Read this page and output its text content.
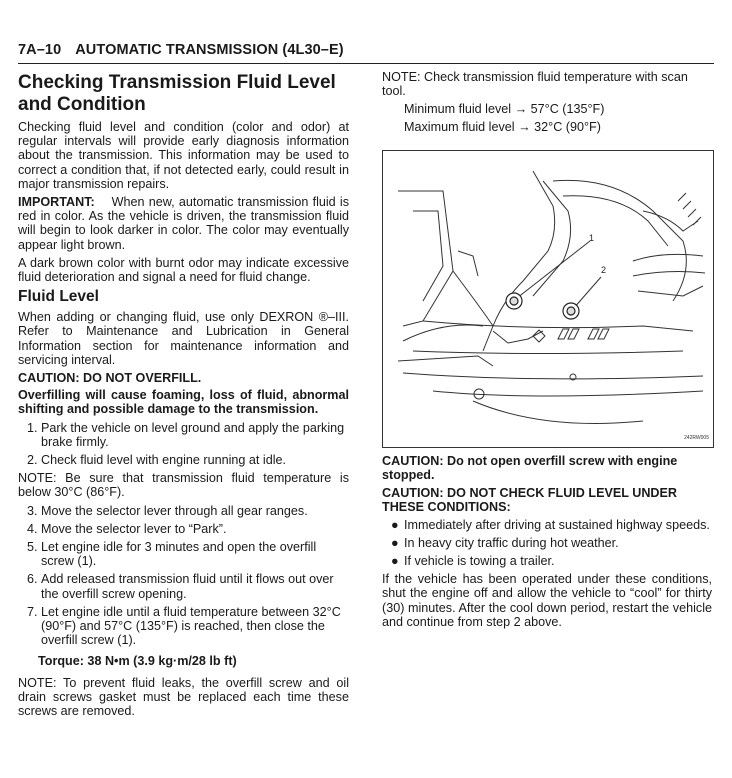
7A–10 AUTOMATIC TRANSMISSION (4L30–E)
Checking Transmission Fluid Level and Condition

Checking fluid level and condition (color and odor) at regular intervals will provide early diagnosis information about the transmission. This information may be used to correct a condition that, if not detected early, could result in major transmission repairs.

IMPORTANT: When new, automatic transmission fluid is red in color. As the vehicle is driven, the transmission fluid will begin to look darker in color. The color may eventually appear light brown.

A dark brown color with burnt odor may indicate excessive fluid deterioration and signal a need for fluid change.

Fluid Level

When adding or changing fluid, use only DEXRON ®–III. Refer to Maintenance and Lubrication in General Information section for maintenance information and servicing interval.

CAUTION: DO NOT OVERFILL.

Overfilling will cause foaming, loss of fluid, abnormal shifting and possible damage to the transmission.

1. Park the vehicle on level ground and apply the parking brake firmly.
2. Check fluid level with engine running at idle.

NOTE: Be sure that transmission fluid temperature is below 30°C (86°F).

3. Move the selector lever through all gear ranges.
4. Move the selector lever to “Park”.
5. Let engine idle for 3 minutes and open the overfill screw (1).
6. Add released transmission fluid until it flows out over the overfill screw opening.
7. Let engine idle until a fluid temperature between 32°C (90°F) and 57°C (135°F) is reached, then close the overfill screw (1).

Torque: 38 N•m (3.9 kg·m/28 lb ft)

NOTE: To prevent fluid leaks, the overfill screw and oil drain screws gasket must be replaced each time these screws are removed.

NOTE: Check transmission fluid temperature with scan tool.

Minimum fluid level → 57°C (135°F)

Maximum fluid level → 32°C (90°F)

1
2
242RW005

CAUTION: Do not open overfill screw with engine stopped.

CAUTION: DO NOT CHECK FLUID LEVEL UNDER THESE CONDITIONS:

● Immediately after driving at sustained highway speeds.
● In heavy city traffic during hot weather.
● If vehicle is towing a trailer.

If the vehicle has been operated under these conditions, shut the engine off and allow the vehicle to “cool” for thirty (30) minutes. After the cool down period, restart the vehicle and continue from step 2 above.
